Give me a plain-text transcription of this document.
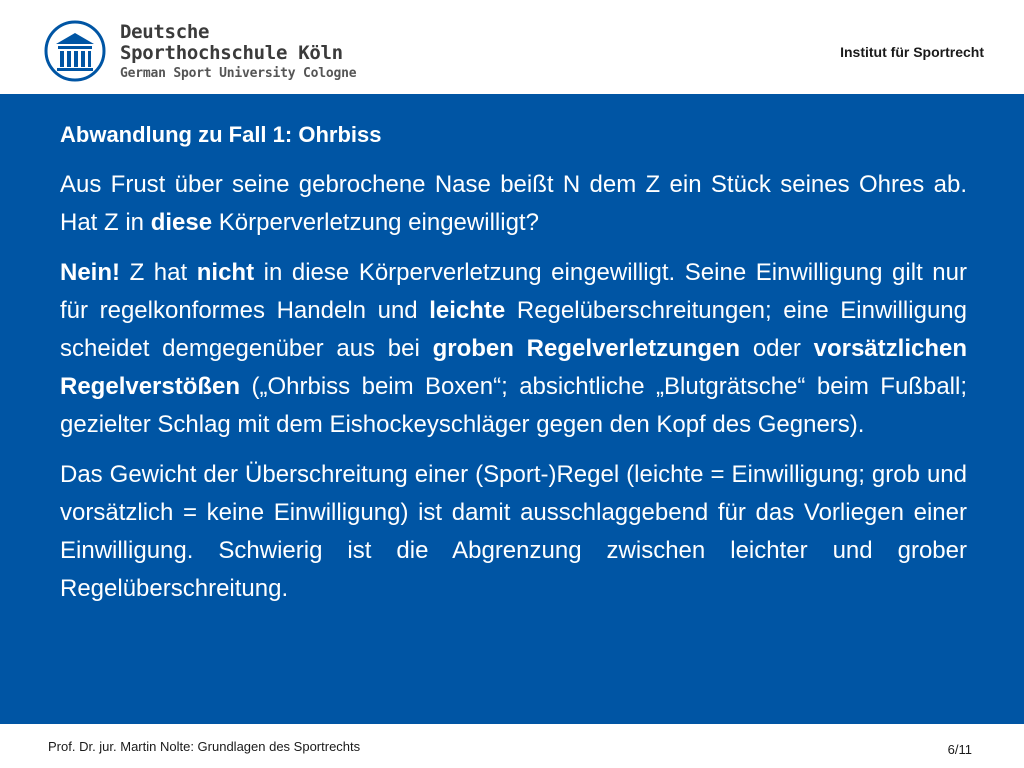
Deutsche
Sporthochschule Köln
German Sport University Cologne
Institut für Sportrecht
Abwandlung zu Fall 1: Ohrbiss

Aus Frust über seine gebrochene Nase beißt N dem Z ein Stück seines Ohres ab. Hat Z in diese Körperverletzung eingewilligt?

Nein! Z hat nicht in diese Körperverletzung eingewilligt. Seine Einwilligung gilt nur für regelkonformes Handeln und leichte Regelüberschreitungen; eine Einwilligung scheidet demgegenüber aus bei groben Regelverletzungen oder vorsätzlichen Regelverstößen („Ohrbiss beim Boxen“; absichtliche „Blutgrätsche“ beim Fußball; gezielter Schlag mit dem Eishockeyschläger gegen den Kopf des Gegners).

Das Gewicht der Überschreitung einer (Sport-)Regel (leichte = Einwilligung; grob und vorsätzlich = keine Einwilligung) ist damit ausschlaggebend für das Vorliegen einer Einwilligung. Schwierig ist die Abgrenzung zwischen leichter und grober Regelüberschreitung.

Prof. Dr. jur. Martin Nolte: Grundlagen des Sportrechts	6/11
